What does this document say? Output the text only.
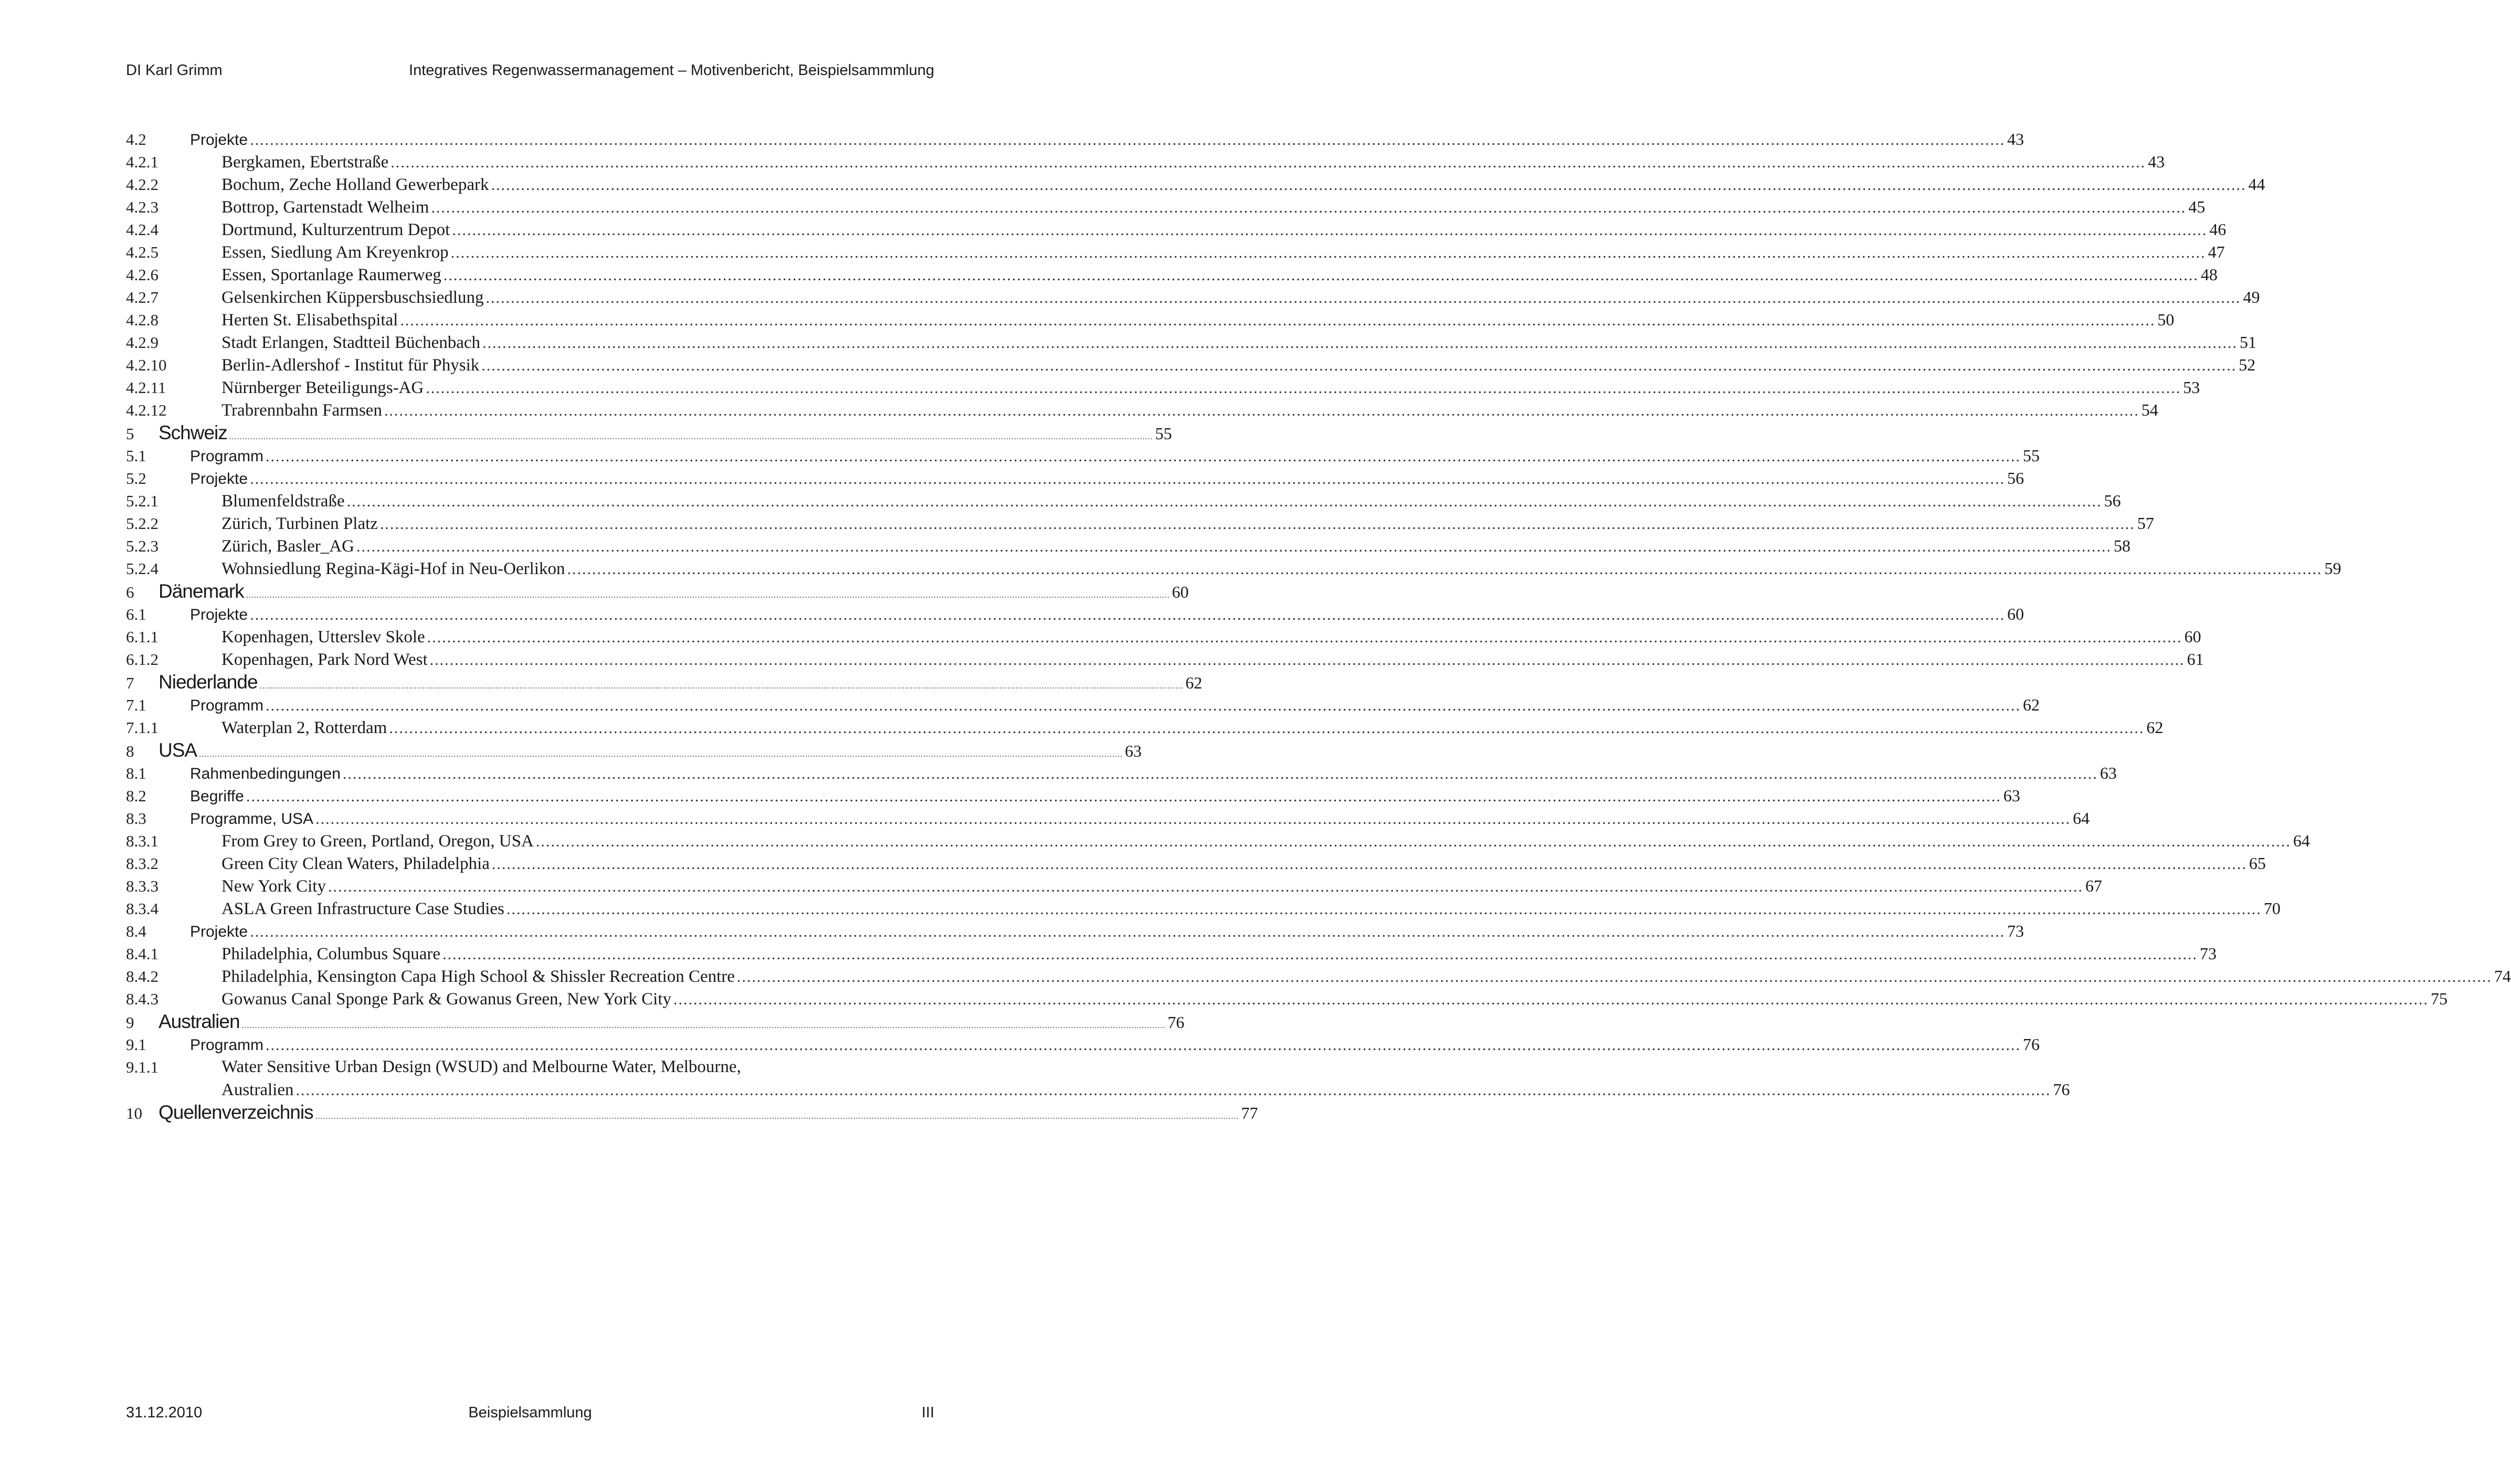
DI Karl Grimm	Integratives Regenwassermanagement – Motivenbericht, Beispielsammmlung
4.2	Projekte .....	43
4.2.1	Bergkamen, Ebertstraße .....	43
4.2.2	Bochum, Zeche Holland Gewerbepark .....	44
4.2.3	Bottrop, Gartenstadt Welheim .....	45
4.2.4	Dortmund, Kulturzentrum Depot .....	46
4.2.5	Essen, Siedlung Am Kreyenkrop .....	47
4.2.6	Essen, Sportanlage Raumerweg .....	48
4.2.7	Gelsenkirchen Küppersbuschsiedlung .....	49
4.2.8	Herten St. Elisabethspital .....	50
4.2.9	Stadt Erlangen, Stadtteil Büchenbach .....	51
4.2.10	Berlin-Adlershof - Institut für Physik .....	52
4.2.11	Nürnberger Beteiligungs-AG .....	53
4.2.12	Trabrennbahn Farmsen .....	54
5	Schweiz .....	55
5.1	Programm .....	55
5.2	Projekte .....	56
5.2.1	Blumenfeldstraße .....	56
5.2.2	Zürich, Turbinen Platz .....	57
5.2.3	Zürich, Basler_AG .....	58
5.2.4	Wohnsiedlung Regina-Kägi-Hof in Neu-Oerlikon .....	59
6	Dänemark .....	60
6.1	Projekte .....	60
6.1.1	Kopenhagen, Utterslev Skole .....	60
6.1.2	Kopenhagen, Park Nord West .....	61
7	Niederlande .....	62
7.1	Programm .....	62
7.1.1	Waterplan 2, Rotterdam .....	62
8	USA .....	63
8.1	Rahmenbedingungen .....	63
8.2	Begriffe .....	63
8.3	Programme, USA .....	64
8.3.1	From Grey to Green, Portland, Oregon, USA .....	64
8.3.2	Green City Clean Waters, Philadelphia .....	65
8.3.3	New York City .....	67
8.3.4	ASLA Green Infrastructure Case Studies .....	70
8.4	Projekte .....	73
8.4.1	Philadelphia, Columbus Square .....	73
8.4.2	Philadelphia, Kensington Capa High School & Shissler Recreation Centre .....	74
8.4.3	Gowanus Canal Sponge Park & Gowanus Green, New York City .....	75
9	Australien .....	76
9.1	Programm .....	76
9.1.1	Water Sensitive Urban Design (WSUD) and Melbourne Water, Melbourne,
Australien .....	76
10 Quellenverzeichnis .....	77
31.12.2010	Beispielsammlung	III
